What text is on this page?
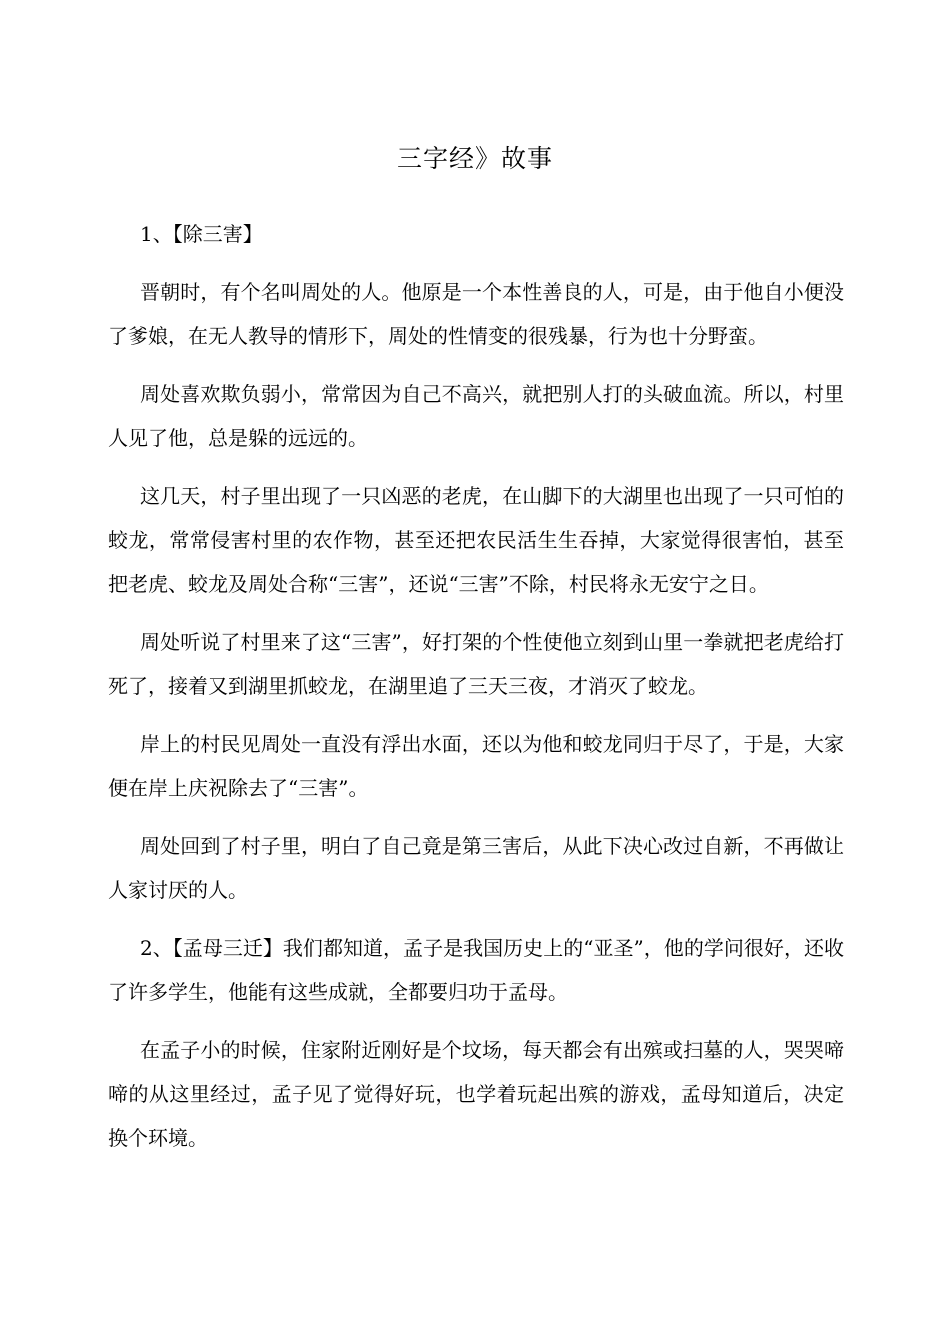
三字经》故事

1、【除三害】

晋朝时，有个名叫周处的人。他原是一个本性善良的人，可是，由于他自小便没了爹娘，在无人教导的情形下，周处的性情变的很残暴，行为也十分野蛮。

周处喜欢欺负弱小，常常因为自己不高兴，就把别人打的头破血流。所以，村里人见了他，总是躲的远远的。

这几天，村子里出现了一只凶恶的老虎，在山脚下的大湖里也出现了一只可怕的蛟龙，常常侵害村里的农作物，甚至还把农民活生生吞掉，大家觉得很害怕，甚至把老虎、蛟龙及周处合称“三害”，还说“三害”不除，村民将永无安宁之日。

周处听说了村里来了这“三害”，好打架的个性使他立刻到山里一拳就把老虎给打死了，接着又到湖里抓蛟龙，在湖里追了三天三夜，才消灭了蛟龙。

岸上的村民见周处一直没有浮出水面，还以为他和蛟龙同归于尽了，于是，大家便在岸上庆祝除去了“三害”。

周处回到了村子里，明白了自己竟是第三害后，从此下决心改过自新，不再做让人家讨厌的人。

2、【孟母三迁】我们都知道，孟子是我国历史上的“亚圣”，他的学问很好，还收了许多学生，他能有这些成就，全都要归功于孟母。

在孟子小的时候，住家附近刚好是个坟场，每天都会有出殡或扫墓的人，哭哭啼啼的从这里经过，孟子见了觉得好玩，也学着玩起出殡的游戏，孟母知道后，决定换个环境。
